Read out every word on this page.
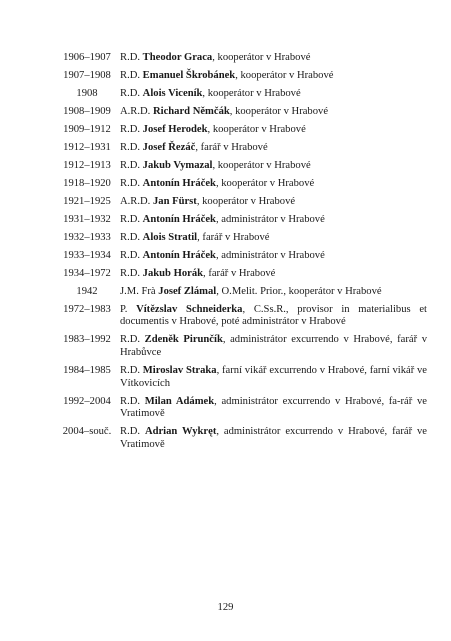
1906–1907 R.D. Theodor Graca, kooperátor v Hrabové
1907–1908 R.D. Emanuel Škrobánek, kooperátor v Hrabové
1908	R.D. Alois Viceník, kooperátor v Hrabové
1908–1909 A.R.D. Richard Němčák, kooperátor v Hrabové
1909–1912 R.D. Josef Herodek, kooperátor v Hrabové
1912–1931 R.D. Josef Řezáč, farář v Hrabové
1912–1913 R.D. Jakub Vymazal, kooperátor v Hrabové
1918–1920 R.D. Antonín Hráček, kooperátor v Hrabové
1921–1925 A.R.D. Jan Fürst, kooperátor v Hrabové
1931–1932 R.D. Antonín Hráček, administrátor v Hrabové
1932–1933 R.D. Alois Stratil, farář v Hrabové
1933–1934 R.D. Antonín Hráček, administrátor v Hrabové
1934–1972 R.D. Jakub Horák, farář v Hrabové
1942	J.M. Frà Josef Zlámal, O.Melit. Prior., kooperátor v Hrabové
1972–1983 P. Vítězslav Schneiderka, C.Ss.R., provisor in materialibus et documentis v Hrabové, poté administrátor v Hrabové
1983–1992 R.D. Zdeněk Pirunčík, administrátor excurrendo v Hrabové, farář v Hrabůvce
1984–1985 R.D. Miroslav Straka, farní vikář excurrendo v Hrabové, farní vikář ve Vítkovicích
1992–2004 R.D. Milan Adámek, administrátor excurrendo v Hrabové, fa-rář ve Vratimově
2004–souč. R.D. Adrian Wykręt, administrátor excurrendo v Hrabové, farář ve Vratimově
129
